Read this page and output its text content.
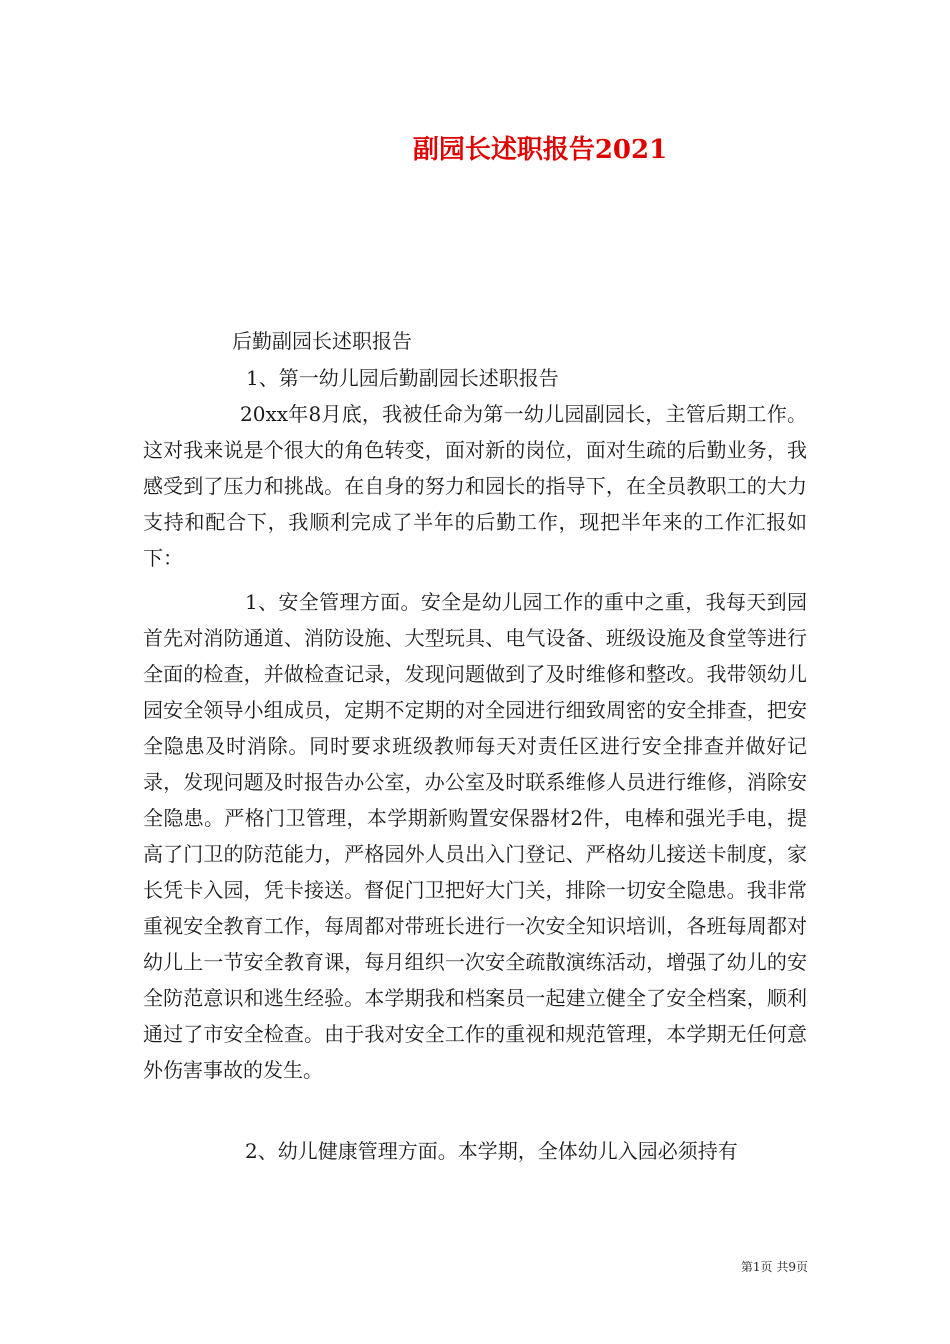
副园长述职报告2021
后勤副园长述职报告
1、第一幼儿园后勤副园长述职报告

20xx年8月底，我被任命为第一幼儿园副园长，主管后期工作。这对我来说是个很大的角色转变，面对新的岗位，面对生疏的后勤业务，我感受到了压力和挑战。在自身的努力和园长的指导下，在全员教职工的大力支持和配合下，我顺利完成了半年的后勤工作，现把半年来的工作汇报如下：

1、安全管理方面。安全是幼儿园工作的重中之重，我每天到园首先对消防通道、消防设施、大型玩具、电气设备、班级设施及食堂等进行全面的检查，并做检查记录，发现问题做到了及时维修和整改。我带领幼儿园安全领导小组成员，定期不定期的对全园进行细致周密的安全排查，把安全隐患及时消除。同时要求班级教师每天对责任区进行安全排查并做好记录，发现问题及时报告办公室，办公室及时联系维修人员进行维修，消除安全隐患。严格门卫管理，本学期新购置安保器材2件，电棒和强光手电，提高了门卫的防范能力，严格园外人员出入门登记、严格幼儿接送卡制度，家长凭卡入园，凭卡接送。督促门卫把好大门关，排除一切安全隐患。我非常重视安全教育工作，每周都对带班长进行一次安全知识培训，各班每周都对幼儿上一节安全教育课，每月组织一次安全疏散演练活动，增强了幼儿的安全防范意识和逃生经验。本学期我和档案员一起建立健全了安全档案，顺利通过了市安全检查。由于我对安全工作的重视和规范管理，本学期无任何意外伤害事故的发生。

2、幼儿健康管理方面。本学期，全体幼儿入园必须持有

第1页 共9页
